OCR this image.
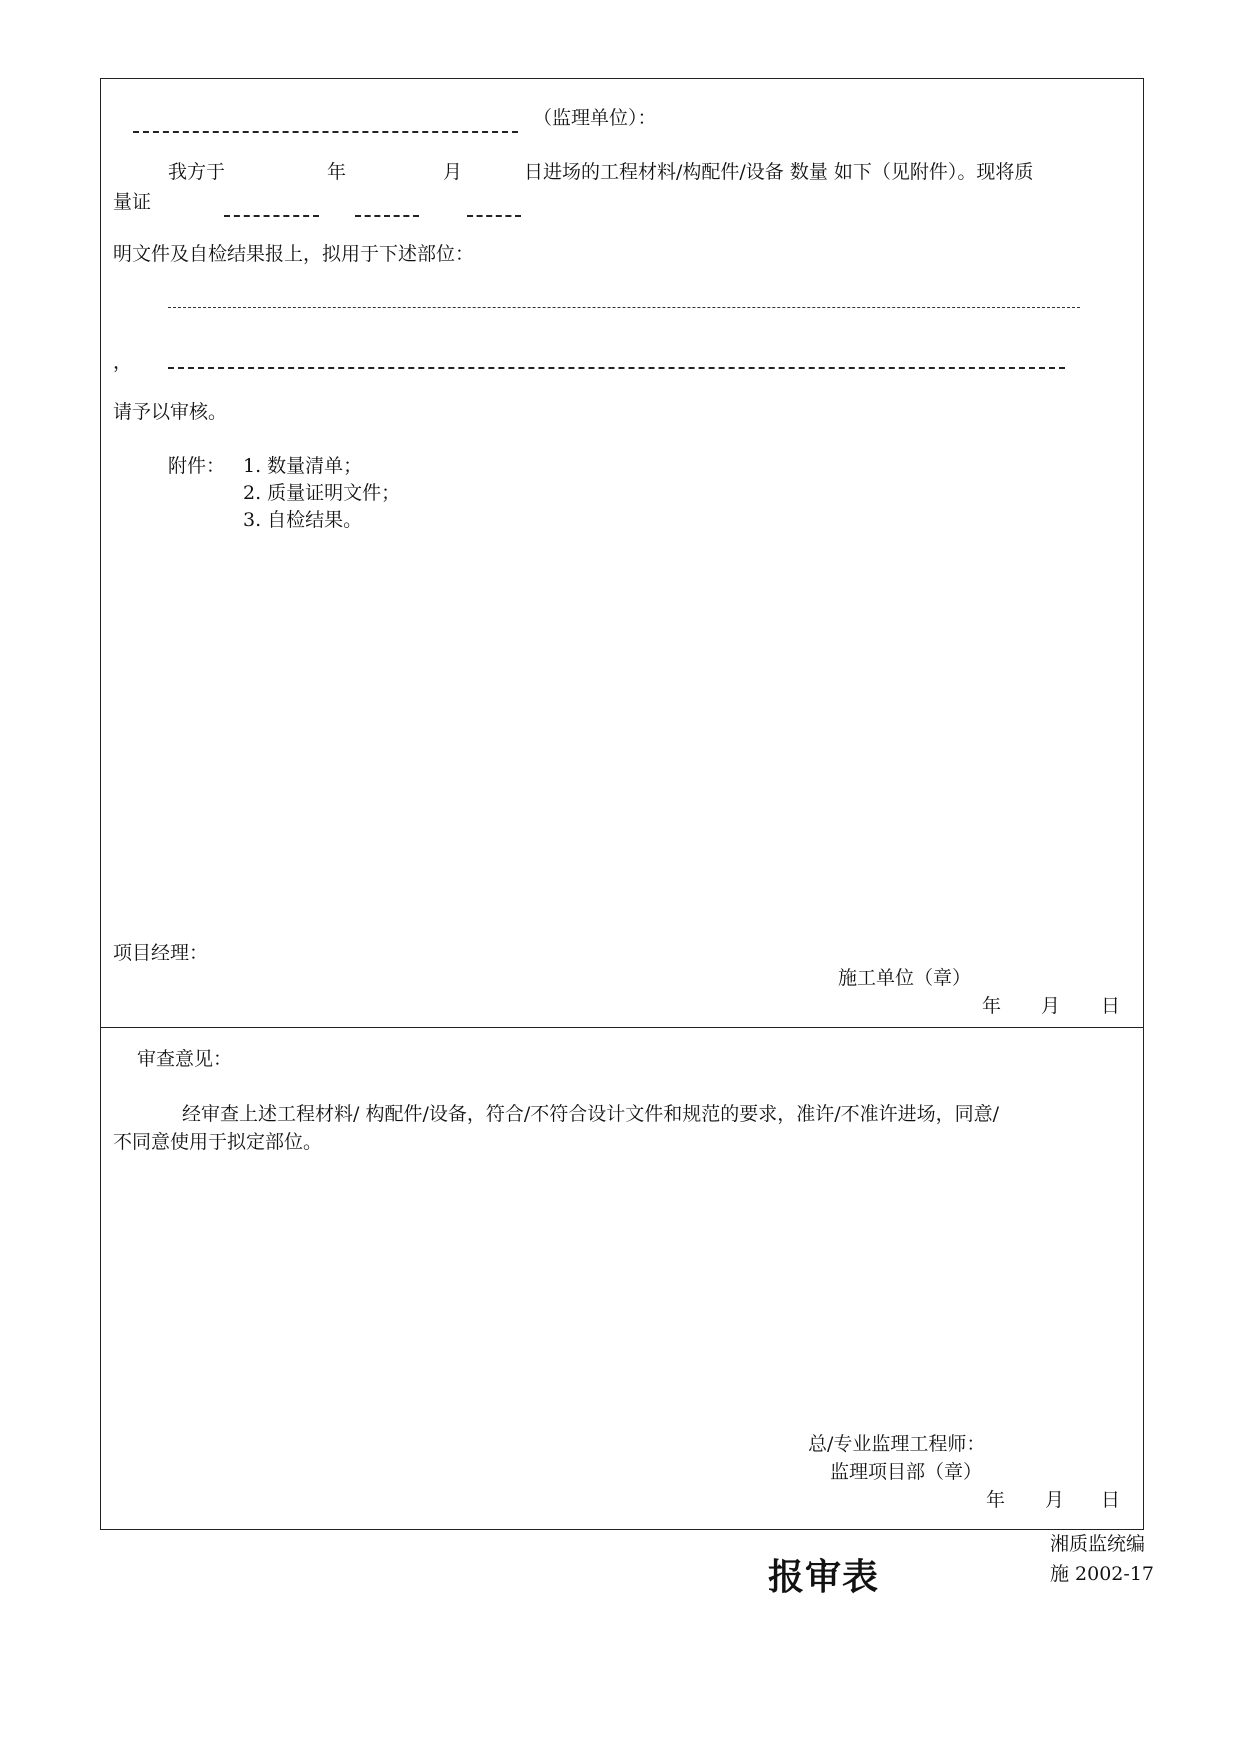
（监理单位）：
我方于	年	月	日进场的工程材料/构配件/设备 数量 如下（见附件）。现将质
量证
明文件及自检结果报上，拟用于下述部位：
，
请予以审核。
附件： 1. 数量清单；
2. 质量证明文件；
3. 自检结果。
项目经理：
施工单位（章）
年 月 日
审查意见：
经审查上述工程材料/ 构配件/设备，符合/不符合设计文件和规范的要求，准许/不准许进场，同意/
不同意使用于拟定部位。
总/专业监理工程师：
监理项目部（章）
年 月 日
报审表
湘质监统编
施 2002-17
